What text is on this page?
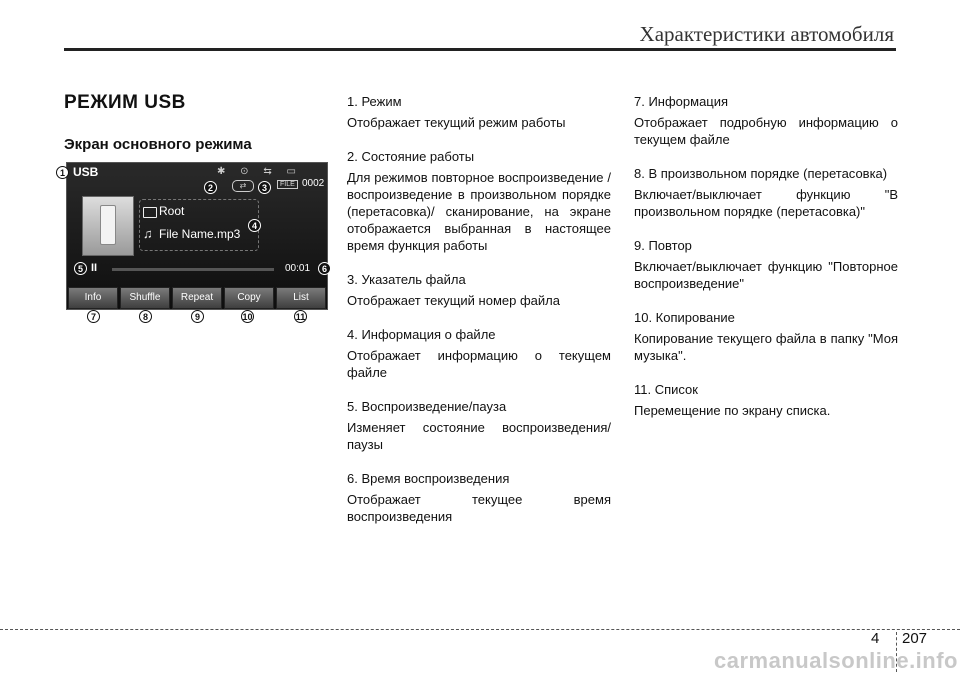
Характеристики автомобиля
РЕЖИМ USB
Экран основного режима
USB	✱ ⊙ ⇆ ▭
⇄	FILE 0002
Root
♫ File Name.mp3
II	00:01
Info	Shuffle	Repeat	Copy	List
1
2	3
4
5	6
7	8	9	10	11
1. Режим
Отображает текущий режим работы
2. Состояние работы
Для режимов повторное воспроизведение / воспроизведение в произвольном порядке (перетасовка)/ сканирование, на экране отображается выбранная в настоящее время функция работы
3. Указатель файла
Отображает текущий номер файла
4. Информация о файле
Отображает информацию о текущем файле
5. Воспроизведение/пауза
Изменяет состояние воспроизведения/паузы
6. Время воспроизведения
Отображает текущее время воспроизведения
7. Информация
Отображает подробную информацию о текущем файле
8. В произвольном порядке (перетасовка)
Включает/выключает функцию "В произвольном порядке (перетасовка)"
9. Повтор
Включает/выключает функцию "Повторное воспроизведение"
10. Копирование
Копирование текущего файла в папку "Моя музыка".
11. Список
Перемещение по экрану списка.
4 207
carmanualsonline.info
